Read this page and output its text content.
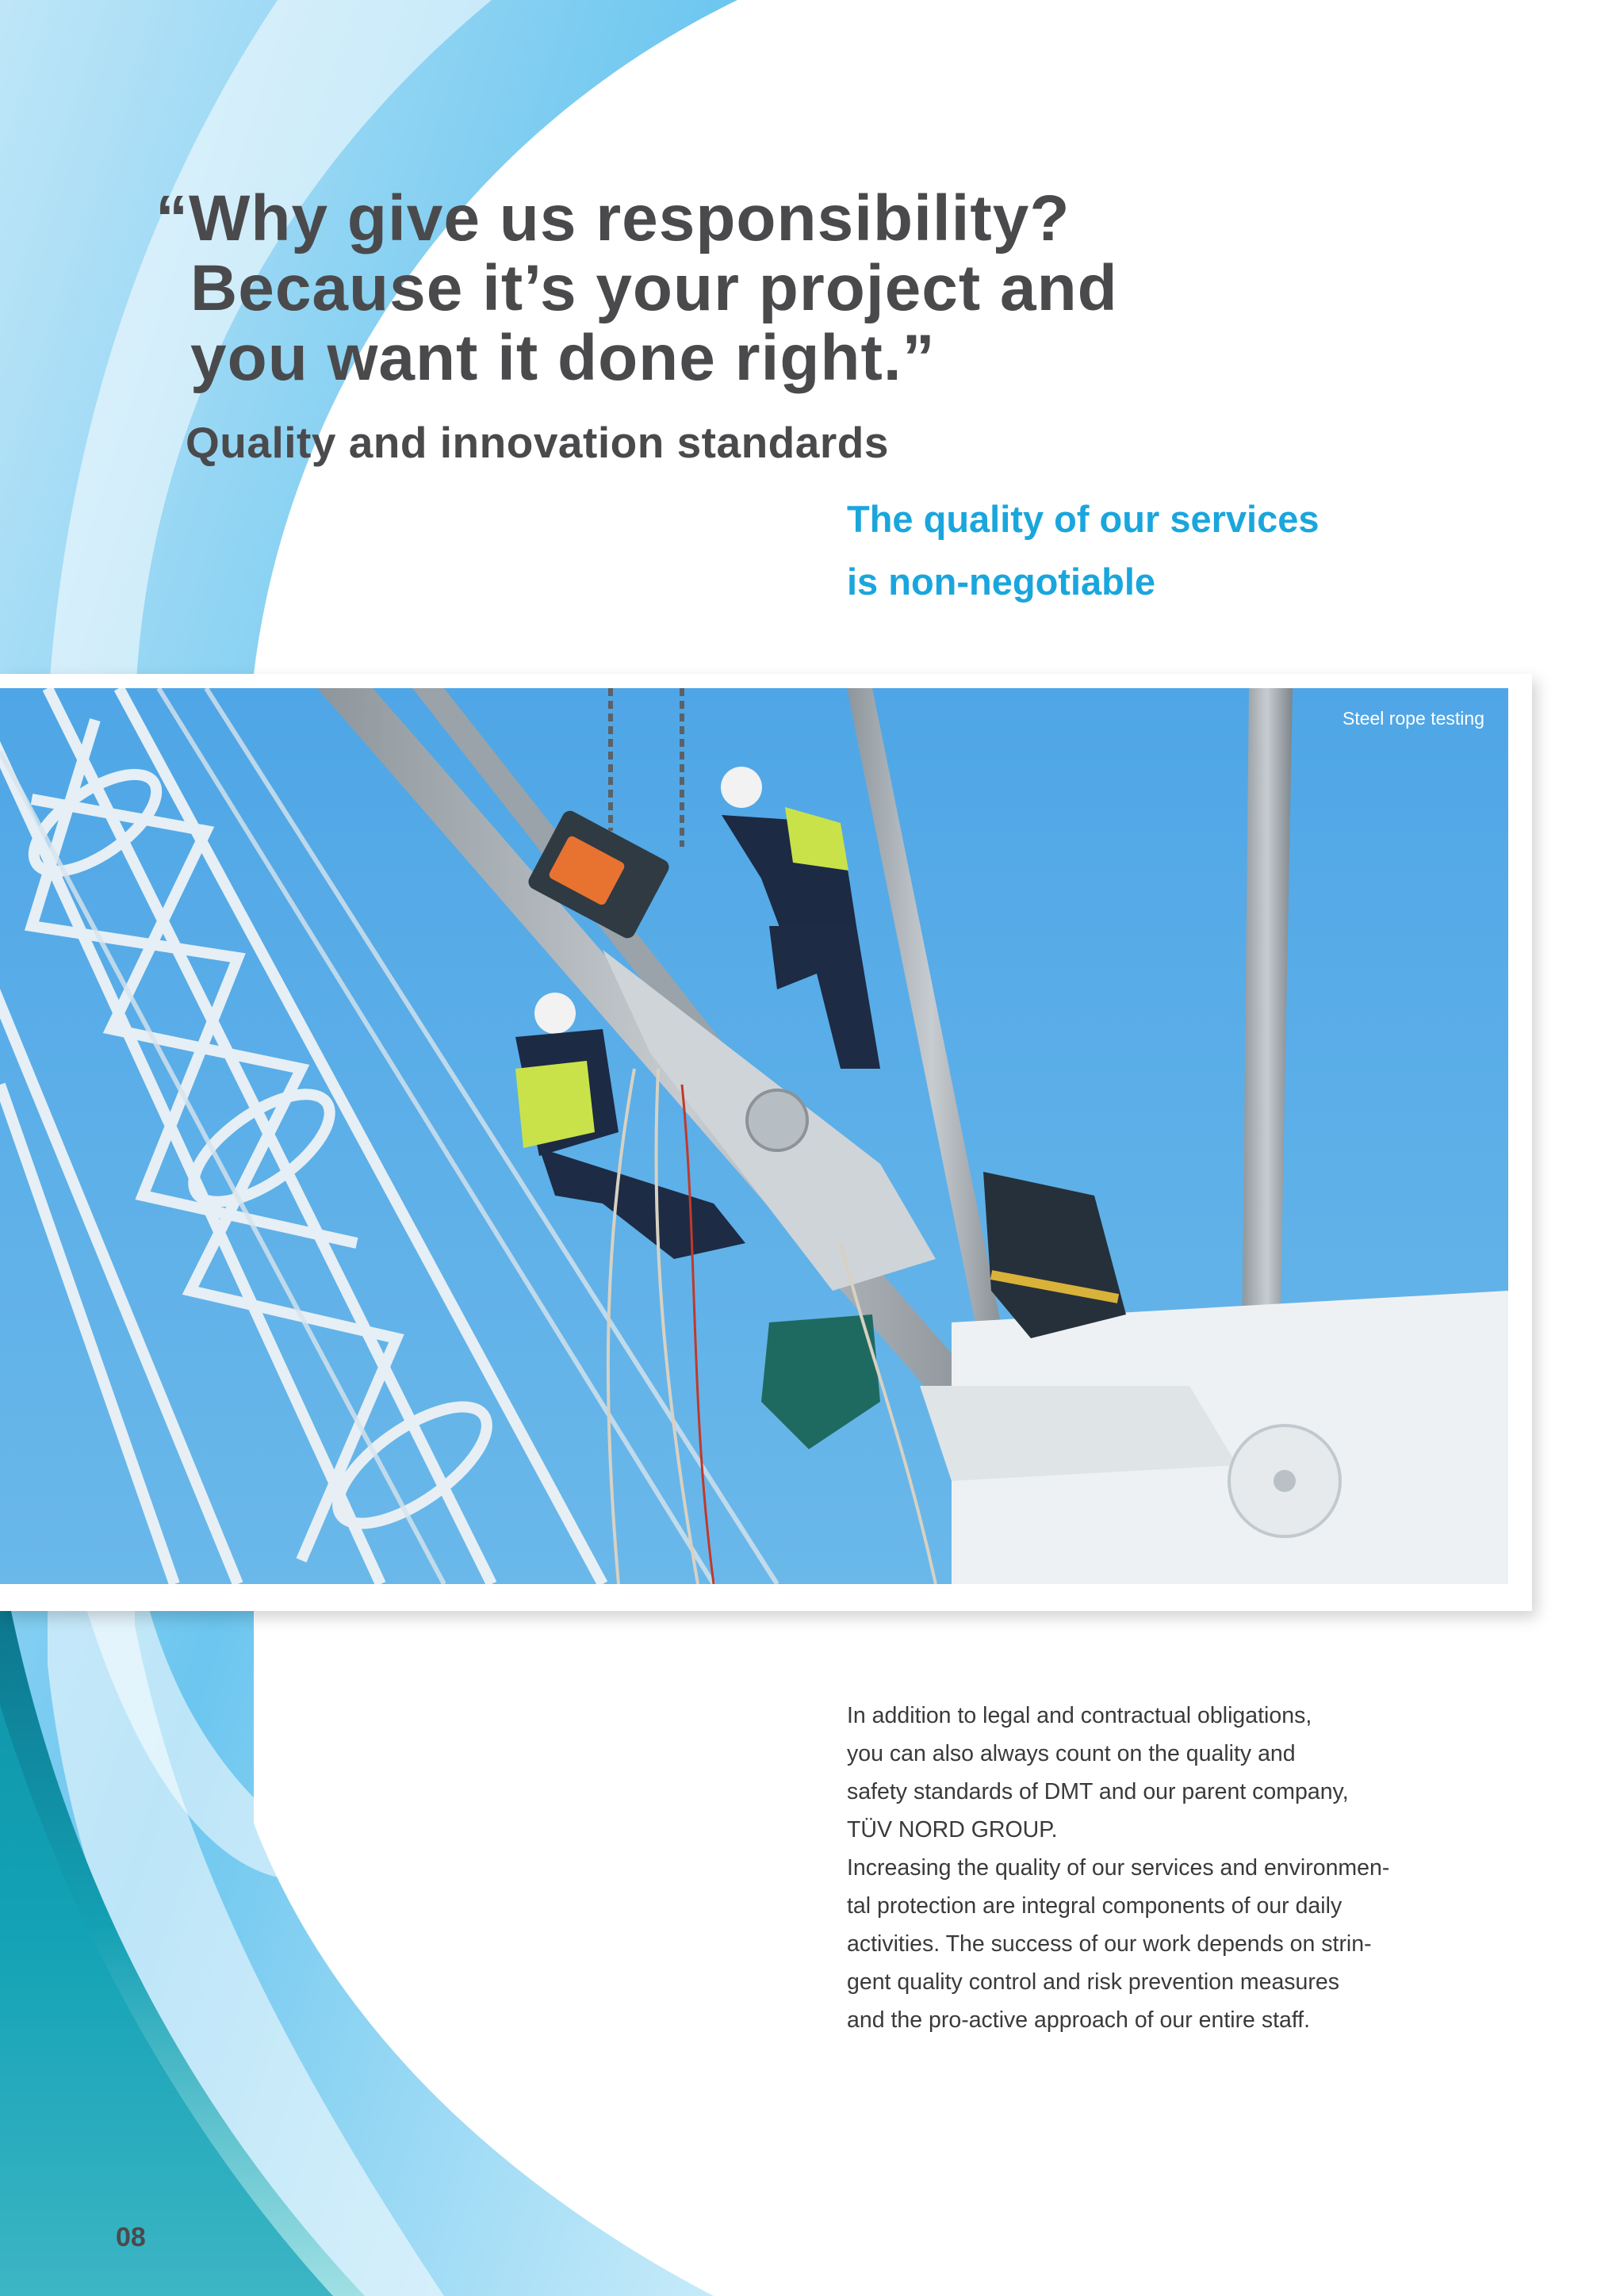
“Why give us responsibility?
Because it’s your project and
you want it done right.”
Quality and innovation standards
The quality of our services
is non-negotiable
Steel rope testing
In addition to legal and contractual obligations,
you can also always count on the quality and
safety standards of DMT and our parent company,
TÜV NORD GROUP.
Increasing the quality of our services and environmen-
tal protection are integral components of our daily
activities. The success of our work depends on strin-
gent quality control and risk prevention measures
and the pro-active approach of our entire staff.
08
